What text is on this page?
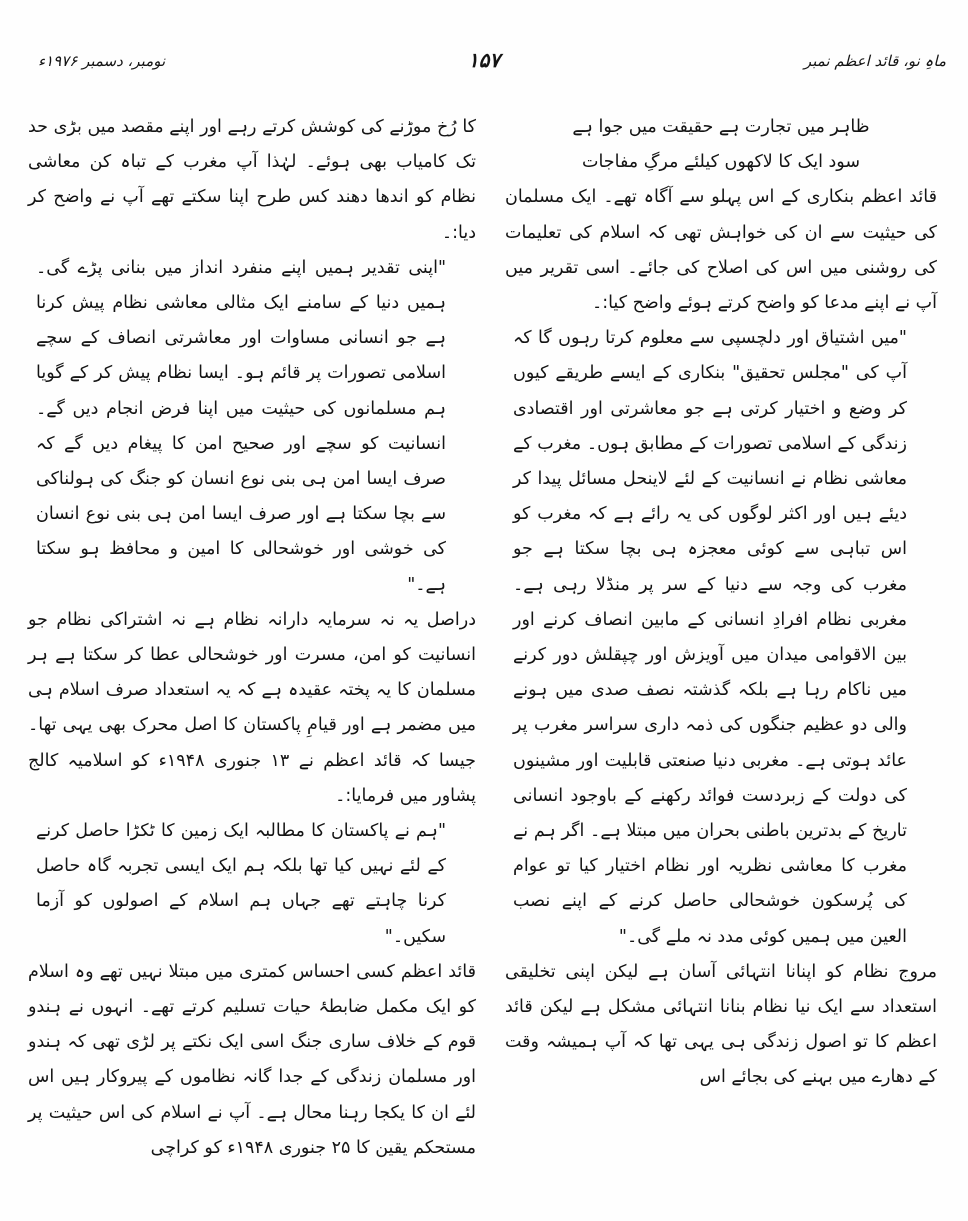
ماہِ نو، قائد اعظم نمبر
۱۵۷
نومبر، دسمبر ۱۹۷۶ء

ظاہر میں تجارت ہے حقیقت میں جوا ہے
سود ایک کا لاکھوں کیلئے مرگِ مفاجات

قائد اعظم بنکاری کے اس پہلو سے آگاہ تھے۔ ایک مسلمان کی حیثیت سے ان کی خواہش تھی کہ اسلام کی تعلیمات کی روشنی میں اس کی اصلاح کی جائے۔ اسی تقریر میں آپ نے اپنے مدعا کو واضح کرتے ہوئے واضح کیا:۔

"میں اشتیاق اور دلچسپی سے معلوم کرتا رہوں گا کہ آپ کی "مجلس تحقیق" بنکاری کے ایسے طریقے کیوں کر وضع و اختیار کرتی ہے جو معاشرتی اور اقتصادی زندگی کے اسلامی تصورات کے مطابق ہوں۔ مغرب کے معاشی نظام نے انسانیت کے لئے لاینحل مسائل پیدا کر دیئے ہیں اور اکثر لوگوں کی یہ رائے ہے کہ مغرب کو اس تباہی سے کوئی معجزہ ہی بچا سکتا ہے جو مغرب کی وجہ سے دنیا کے سر پر منڈلا رہی ہے۔ مغربی نظام افرادِ انسانی کے مابین انصاف کرنے اور بین الاقوامی میدان میں آویزش اور چپقلش دور کرنے میں ناکام رہا ہے بلکہ گذشتہ نصف صدی میں ہونے والی دو عظیم جنگوں کی ذمہ داری سراسر مغرب پر عائد ہوتی ہے۔ مغربی دنیا صنعتی قابلیت اور مشینوں کی دولت کے زبردست فوائد رکھنے کے باوجود انسانی تاریخ کے بدترین باطنی بحران میں مبتلا ہے۔ اگر ہم نے مغرب کا معاشی نظریہ اور نظام اختیار کیا تو عوام کی پُرسکون خوشحالی حاصل کرنے کے اپنے نصب العین میں ہمیں کوئی مدد نہ ملے گی۔"

مروج نظام کو اپنانا انتہائی آسان ہے لیکن اپنی تخلیقی استعداد سے ایک نیا نظام بنانا انتہائی مشکل ہے لیکن قائد اعظم کا تو اصول زندگی ہی یہی تھا کہ آپ ہمیشہ وقت کے دھارے میں بہنے کی بجائے اس

کا رُخ موڑنے کی کوشش کرتے رہے اور اپنے مقصد میں بڑی حد تک کامیاب بھی ہوئے۔ لہٰذا آپ مغرب کے تباہ کن معاشی نظام کو اندھا دھند کس طرح اپنا سکتے تھے آپ نے واضح کر دیا:۔

"اپنی تقدیر ہمیں اپنے منفرد انداز میں بنانی پڑے گی۔ ہمیں دنیا کے سامنے ایک مثالی معاشی نظام پیش کرنا ہے جو انسانی مساوات اور معاشرتی انصاف کے سچے اسلامی تصورات پر قائم ہو۔ ایسا نظام پیش کر کے گویا ہم مسلمانوں کی حیثیت میں اپنا فرض انجام دیں گے۔ انسانیت کو سچے اور صحیح امن کا پیغام دیں گے کہ صرف ایسا امن ہی بنی نوع انسان کو جنگ کی ہولناکی سے بچا سکتا ہے اور صرف ایسا امن ہی بنی نوع انسان کی خوشی اور خوشحالی کا امین و محافظ ہو سکتا ہے۔"

دراصل یہ نہ سرمایہ دارانہ نظام ہے نہ اشتراکی نظام جو انسانیت کو امن، مسرت اور خوشحالی عطا کر سکتا ہے ہر مسلمان کا یہ پختہ عقیدہ ہے کہ یہ استعداد صرف اسلام ہی میں مضمر ہے اور قیامِ پاکستان کا اصل محرک بھی یہی تھا۔ جیسا کہ قائد اعظم نے ۱۳ جنوری ۱۹۴۸ء کو اسلامیہ کالج پشاور میں فرمایا:۔

"ہم نے پاکستان کا مطالبہ ایک زمین کا ٹکڑا حاصل کرنے کے لئے نہیں کیا تھا بلکہ ہم ایک ایسی تجربہ گاہ حاصل کرنا چاہتے تھے جہاں ہم اسلام کے اصولوں کو آزما سکیں۔"

قائد اعظم کسی احساس کمتری میں مبتلا نہیں تھے وہ اسلام کو ایک مکمل ضابطۂ حیات تسلیم کرتے تھے۔ انہوں نے ہندو قوم کے خلاف ساری جنگ اسی ایک نکتے پر لڑی تھی کہ ہندو اور مسلمان زندگی کے جدا گانہ نظاموں کے پیروکار ہیں اس لئے ان کا یکجا رہنا محال ہے۔ آپ نے اسلام کی اس حیثیت پر مستحکم یقین کا ۲۵ جنوری ۱۹۴۸ء کو کراچی
